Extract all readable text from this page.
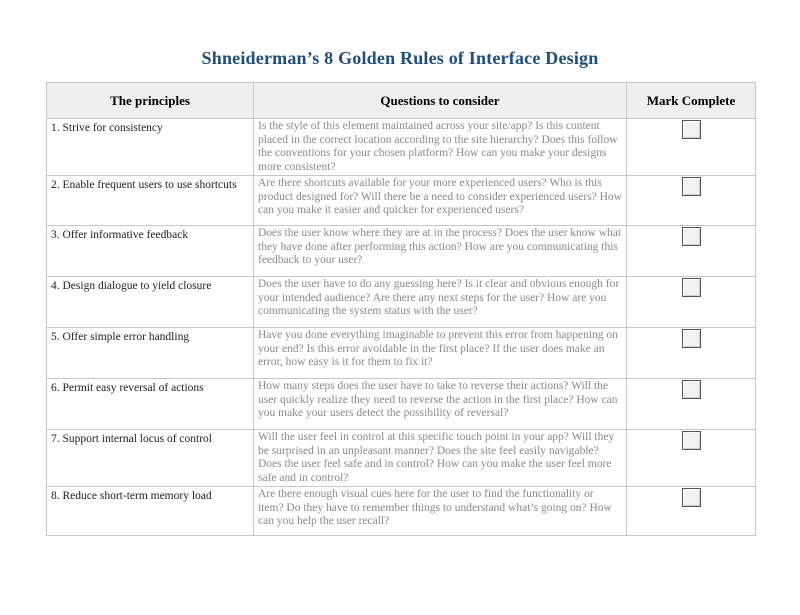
Shneiderman’s 8 Golden Rules of Interface Design
The principles	Questions to consider	Mark Complete
1. Strive for consistency	Is the style of this element maintained across your site/app? Is this content placed in the correct location according to the site hierarchy? Does this follow the conventions for your chosen platform? How can you make your designs more consistent?	
2. Enable frequent users to use shortcuts	Are there shortcuts available for your more experienced users? Who is this product designed for? Will there be a need to consider experienced users? How can you make it easier and quicker for experienced users?	
3. Offer informative feedback	Does the user know where they are at in the process? Does the user know what they have done after performing this action? How are you communicating this feedback to your user?	
4. Design dialogue to yield closure	Does the user have to do any guessing here? Is it clear and obvious enough for your intended audience? Are there any next steps for the user? How are you communicating the system status with the user?	
5. Offer simple error handling	Have you done everything imaginable to prevent this error from happening on your end? Is this error avoidable in the first place? If the user does make an error, how easy is it for them to fix it?	
6. Permit easy reversal of actions	How many steps does the user have to take to reverse their actions? Will the user quickly realize they need to reverse the action in the first place? How can you make your users detect the possibility of reversal?	
7. Support internal locus of control	Will the user feel in control at this specific touch point in your app? Will they be surprised in an unpleasant manner? Does the site feel easily navigable? Does the user feel safe and in control? How can you make the user feel more safe and in control?	
8. Reduce short-term memory load	Are there enough visual cues here for the user to find the functionality or item? Do they have to remember things to understand what’s going on? How can you help the user recall?	
